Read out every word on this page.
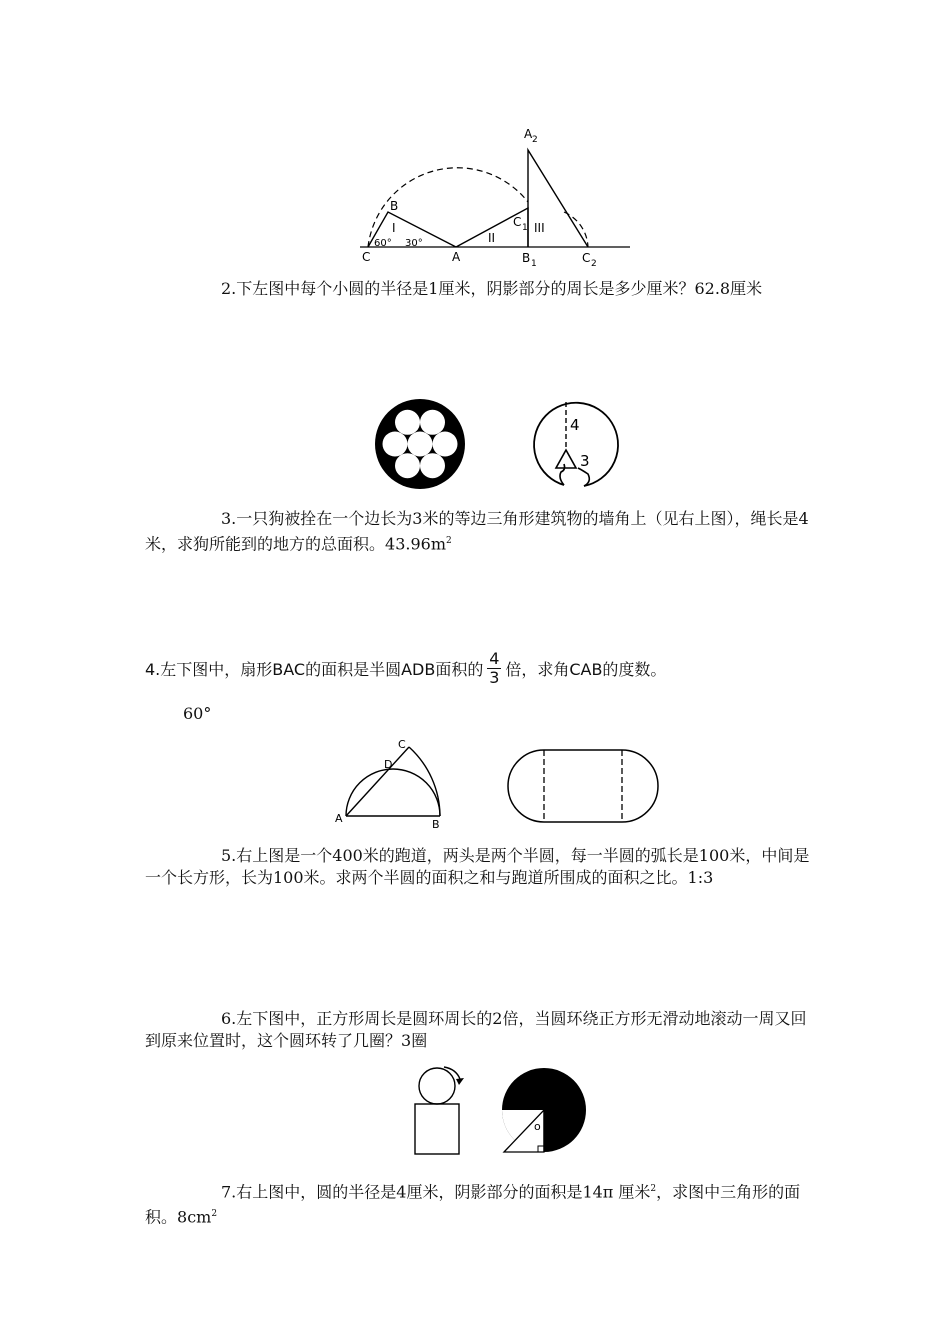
A 2
B
C	A	B 1
C 1
C 2
I
II
III
60° 30°

2.下左图中每个小圆的半径是1厘米，阴影部分的周长是多少厘米？62.8厘米

4
3

3.一只狗被拴在一个边长为3米的等边三角形建筑物的墙角上（见右上图），绳长是4米，求狗所能到的地方的总面积。$43.96m^2$

4.左下图中，扇形BAC的面积是半圆ADB面积的 $\frac{4}{3}$ 倍，求角CAB的度数。
60°
A	B
C
D

5.右上图是一个400米的跑道，两头是两个半圆，每一半圆的弧长是100米，中间是一个长方形，长为100米。求两个半圆的面积之和与跑道所围成的面积之比。1:3

6.左下图中，正方形周长是圆环周长的2倍，当圆环绕正方形无滑动地滚动一周又回到原来位置时，这个圆环转了几圈？3圈

o

7.右上图中，圆的半径是4厘米，阴影部分的面积是14π 厘米$^2$，求图中三角形的面积。$8cm^2$
